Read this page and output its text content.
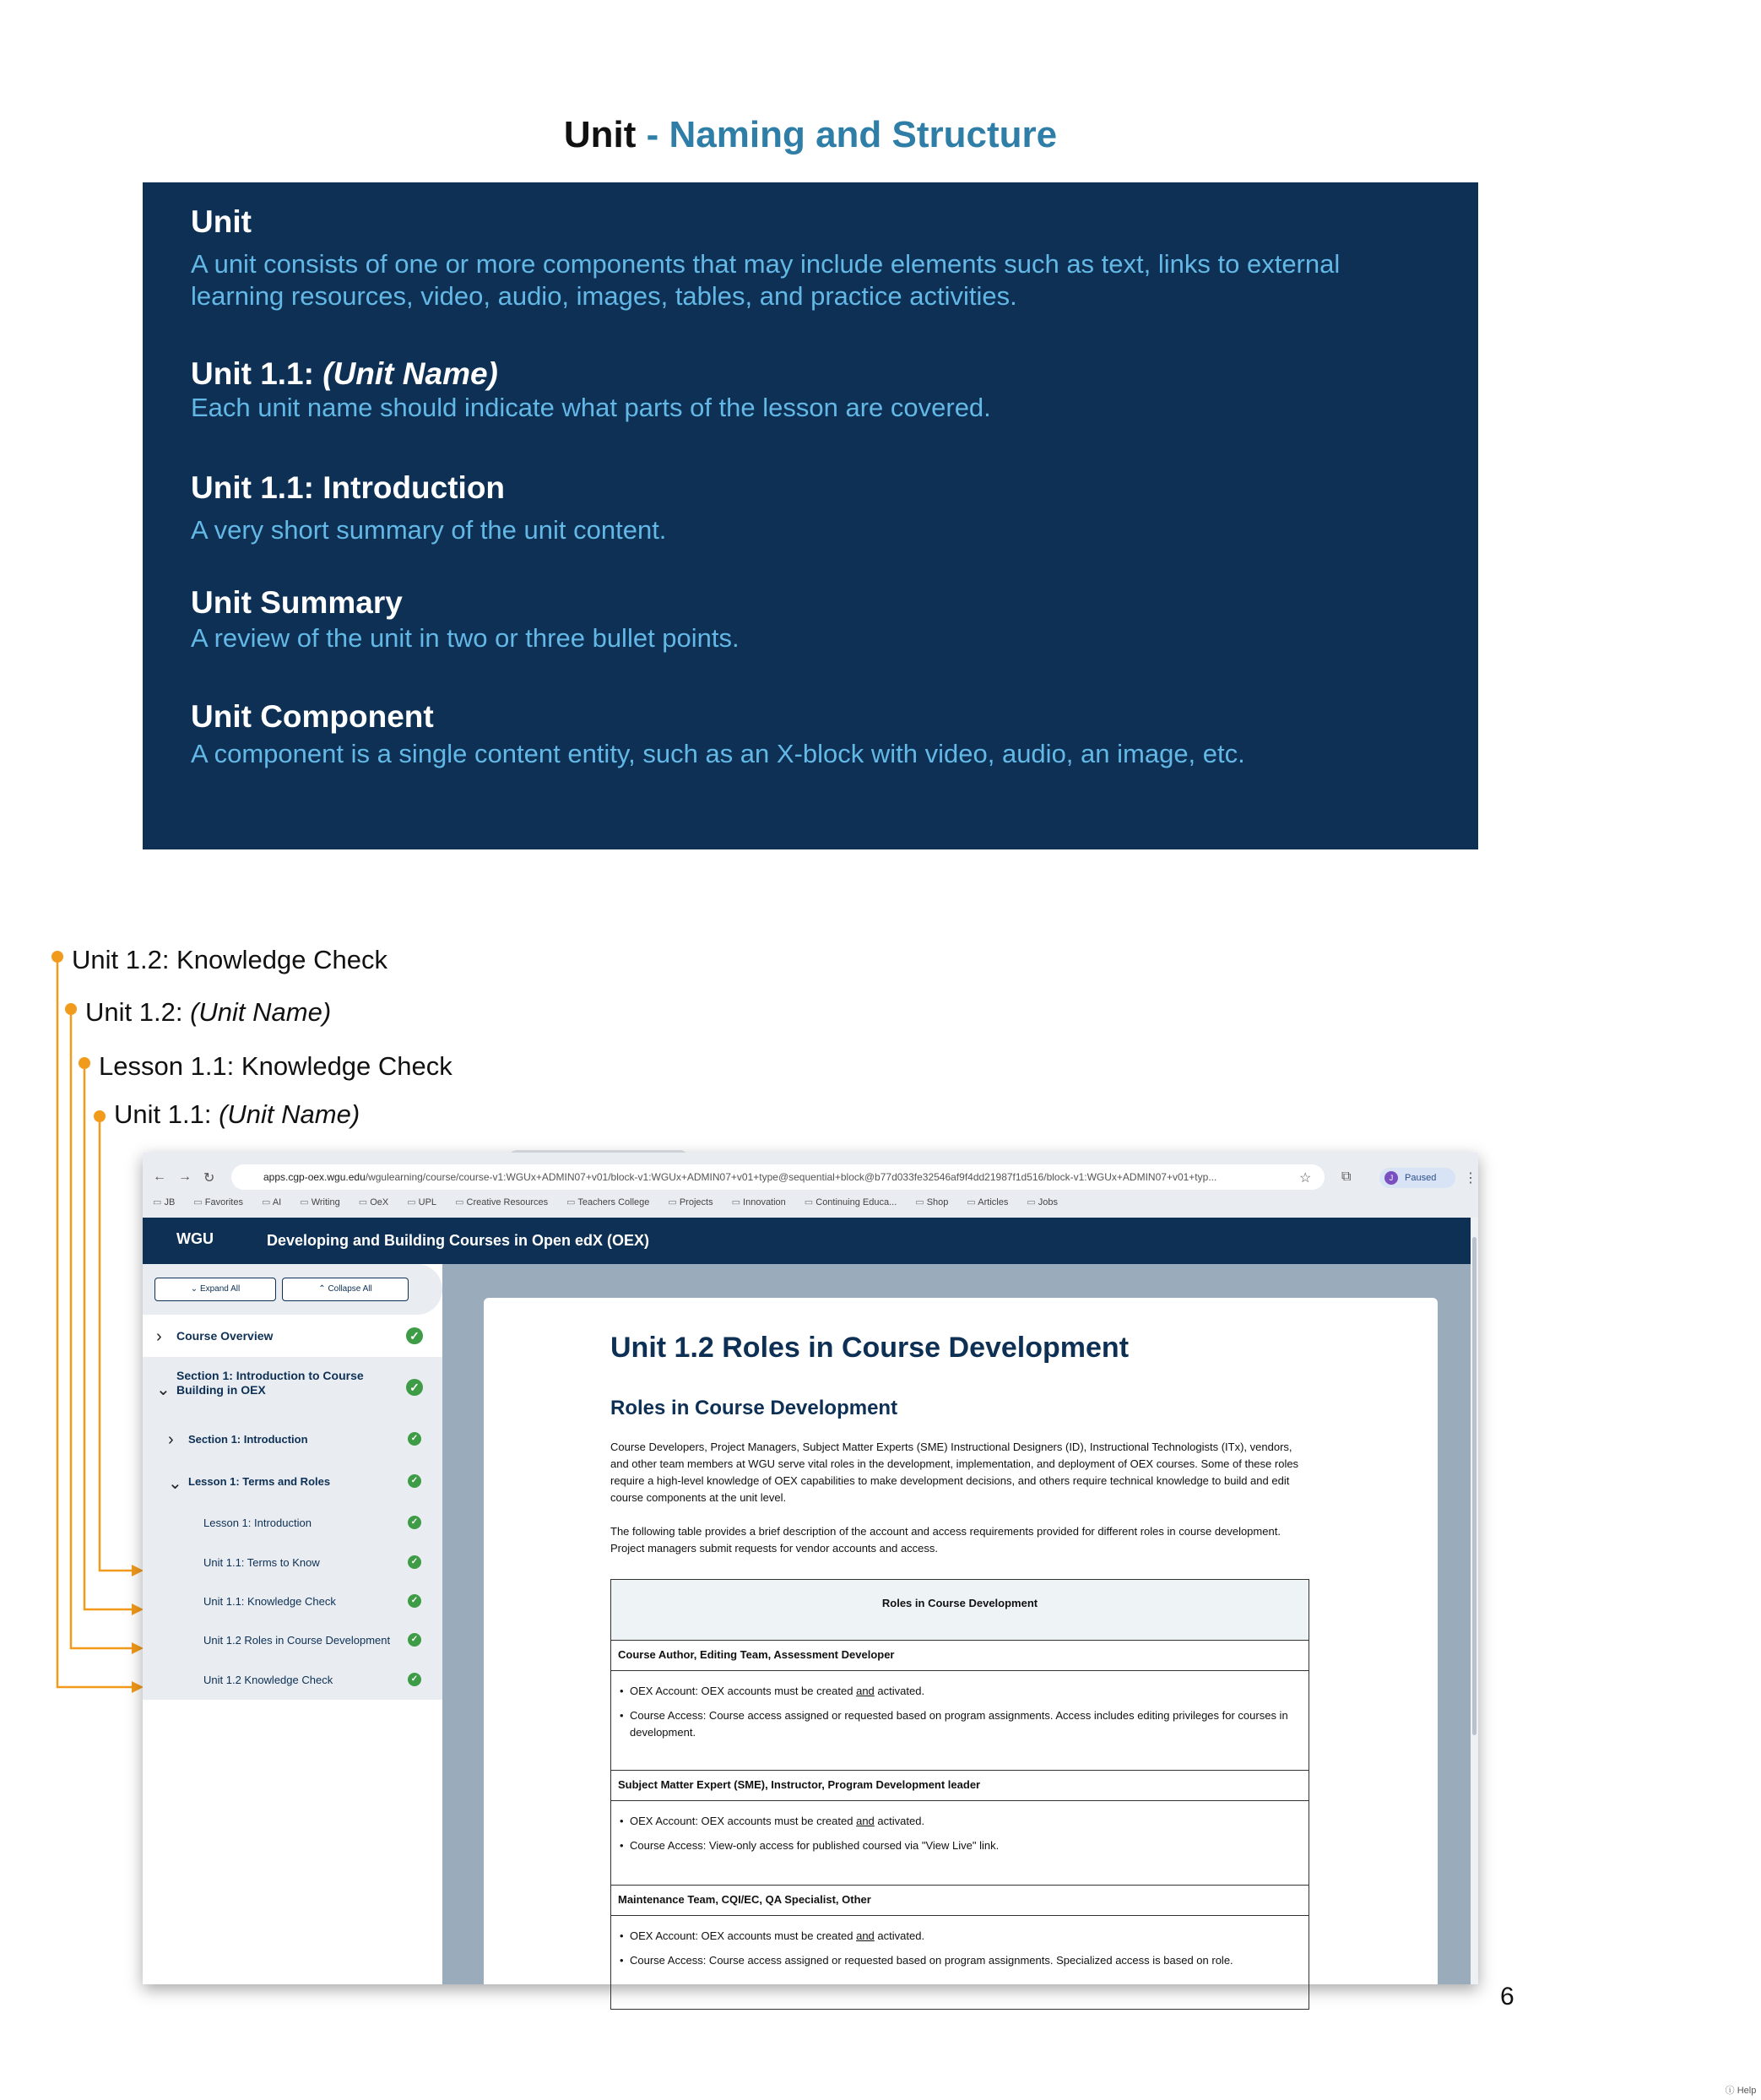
Unit - Naming and Structure
Unit

A unit consists of one or more components that may include elements such as text, links to external learning resources, video, audio, images, tables, and practice activities.

Unit 1.1: (Unit Name)

Each unit name should indicate what parts of the lesson are covered.

Unit 1.1: Introduction

A very short summary of the unit content.

Unit Summary

A review of the unit in two or three bullet points.

Unit Component

A component is a single content entity, such as an X-block with video, audio, an image, etc.

Unit 1.2: Knowledge Check
Unit 1.2: (Unit Name)
Lesson 1.1: Knowledge Check
Unit 1.1: (Unit Name)
← → ↻	apps.cgp-oex.wgu.edu/wgulearning/course/course-v1:WGUx+ADMIN07+v01/block-v1:WGUx+ADMIN07+v01+type@sequential+block@b77d033fe32546af9f4dd21987f1d516/block-v1:WGUx+ADMIN07+v01+typ...	☆ ⧉	J	Paused	⋮
▭ JB	▭ Favorites	▭ AI	▭ Writing	▭ OeX	▭ UPL	▭ Creative Resources	▭ Teachers College	▭ Projects	▭ Innovation	▭ Continuing Educa...	▭ Shop	▭ Articles	▭ Jobs
WGU	Developing and Building Courses in Open edX (OEX)
⌄ Expand All	⌃ Collapse All
› Course Overview	✓
⌄
Section 1: Introduction to Course Building in OEX	✓
› Section 1: Introduction	✓
⌄ Lesson 1: Terms and Roles	✓
Lesson 1: Introduction	✓
Unit 1.1: Terms to Know	✓
Unit 1.1: Knowledge Check	✓
Unit 1.2 Roles in Course Development	✓
Unit 1.2 Knowledge Check	✓
Unit 1.2 Roles in Course Development
Roles in Course Development
Course Developers, Project Managers, Subject Matter Experts (SME) Instructional Designers (ID), Instructional Technologists (ITx), vendors, and other team members at WGU serve vital roles in the development, implementation, and deployment of OEX courses. Some of these roles require a high-level knowledge of OEX capabilities to make development decisions, and others require technical knowledge to build and edit course components at the unit level.
The following table provides a brief description of the account and access requirements provided for different roles in course development. Project managers submit requests for vendor accounts and access.
Roles in Course Development
Course Author, Editing Team, Assessment Developer
• OEX Account: OEX accounts must be created and activated.
• Course Access: Course access assigned or requested based on program assignments. Access includes editing privileges for courses in development.
Subject Matter Expert (SME), Instructor, Program Development leader
• OEX Account: OEX accounts must be created and activated.
• Course Access: View-only access for published coursed via "View Live" link.
Maintenance Team, CQI/EC, QA Specialist, Other
• OEX Account: OEX accounts must be created and activated.
• Course Access: Course access assigned or requested based on program assignments. Specialized access is based on role.
ⓘ Help
6
